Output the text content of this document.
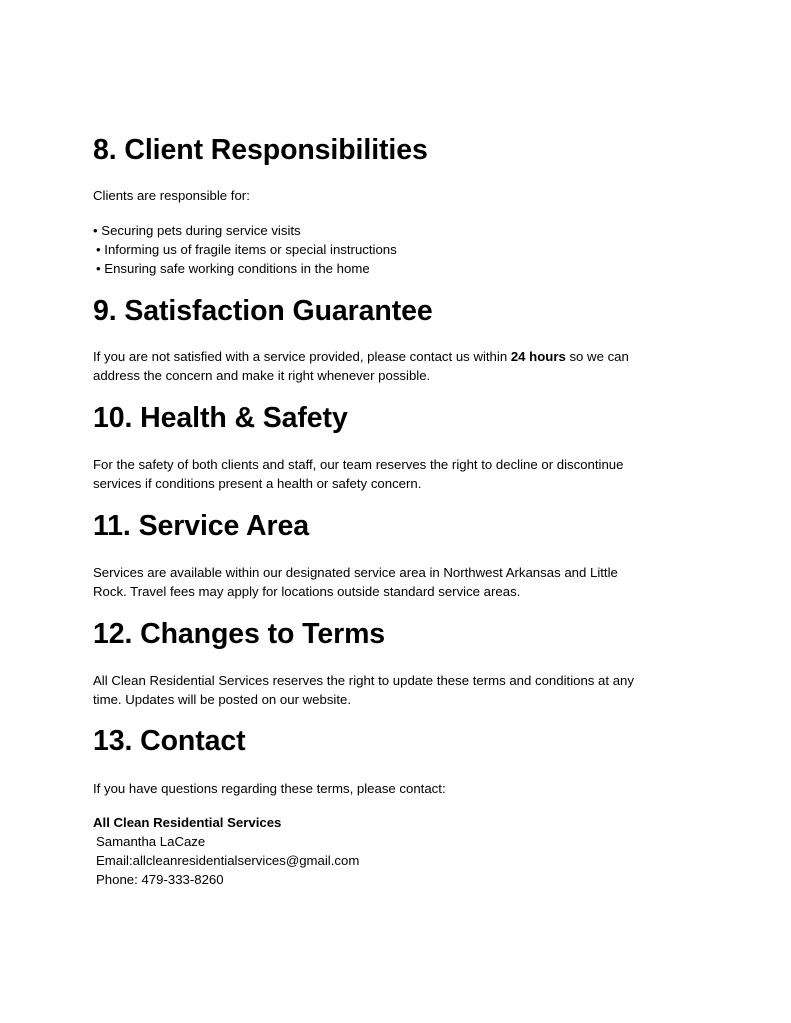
8. Client Responsibilities

Clients are responsible for:

• Securing pets during service visits
• Informing us of fragile items or special instructions
• Ensuring safe working conditions in the home
9. Satisfaction Guarantee

If you are not satisfied with a service provided, please contact us within 24 hours so we can
address the concern and make it right whenever possible.

10. Health & Safety

For the safety of both clients and staff, our team reserves the right to decline or discontinue
services if conditions present a health or safety concern.

11. Service Area

Services are available within our designated service area in Northwest Arkansas and Little
Rock. Travel fees may apply for locations outside standard service areas.

12. Changes to Terms

All Clean Residential Services reserves the right to update these terms and conditions at any
time. Updates will be posted on our website.

13. Contact

If you have questions regarding these terms, please contact:

All Clean Residential Services
Samantha LaCaze
Email:allcleanresidentialservices@gmail.com
Phone: 479-333-8260
